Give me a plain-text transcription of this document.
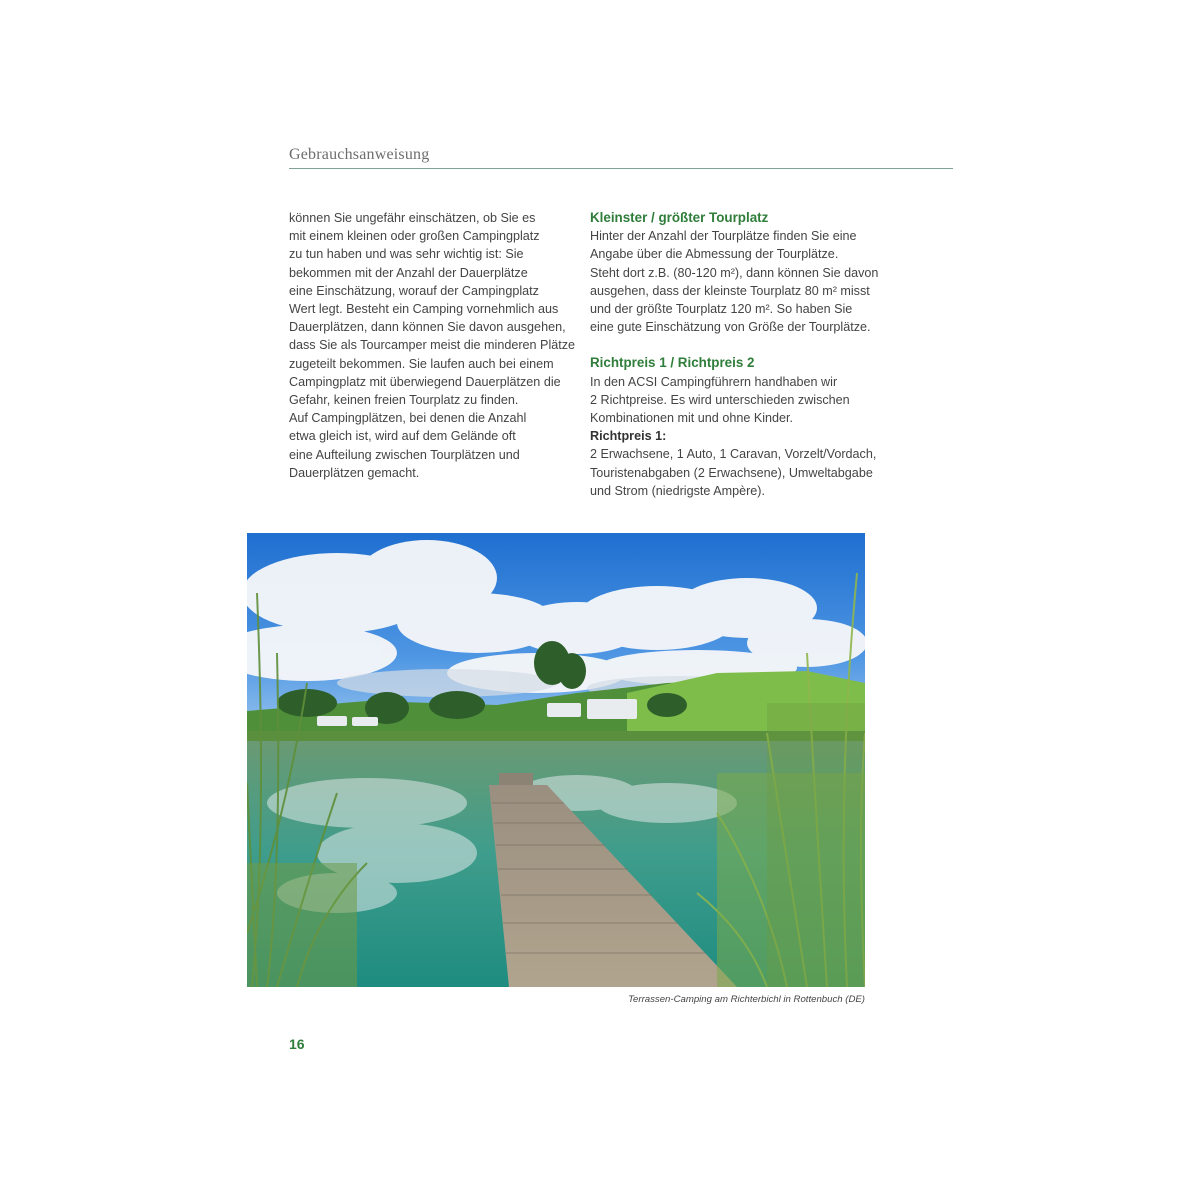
Gebrauchsanweisung
können Sie ungefähr einschätzen, ob Sie es
mit einem kleinen oder großen Campingplatz
zu tun haben und was sehr wichtig ist: Sie
bekommen mit der Anzahl der Dauerplätze
eine Einschätzung, worauf der Campingplatz
Wert legt. Besteht ein Camping vornehmlich aus
Dauerplätzen, dann können Sie davon ausgehen,
dass Sie als Tourcamper meist die minderen Plätze
zugeteilt bekommen. Sie laufen auch bei einem
Campingplatz mit überwiegend Dauerplätzen die
Gefahr, keinen freien Tourplatz zu finden.
Auf Campingplätzen, bei denen die Anzahl
etwa gleich ist, wird auf dem Gelände oft
eine Aufteilung zwischen Tourplätzen und
Dauerplätzen gemacht.
Kleinster / größter Tourplatz
Hinter der Anzahl der Tourplätze finden Sie eine
Angabe über die Abmessung der Tourplätze.
Steht dort z.B. (80-120 m²), dann können Sie davon
ausgehen, dass der kleinste Tourplatz 80 m² misst
und der größte Tourplatz 120 m². So haben Sie
eine gute Einschätzung von Größe der Tourplätze.
Richtpreis 1 / Richtpreis 2
In den ACSI Campingführern handhaben wir
2 Richtpreise. Es wird unterschieden zwischen
Kombinationen mit und ohne Kinder.
Richtpreis 1:
2 Erwachsene, 1 Auto, 1 Caravan, Vorzelt/Vordach,
Touristenabgaben (2 Erwachsene), Umweltabgabe
und Strom (niedrigste Ampère).
Terrassen-Camping am Richterbichl in Rottenbuch (DE)
16
